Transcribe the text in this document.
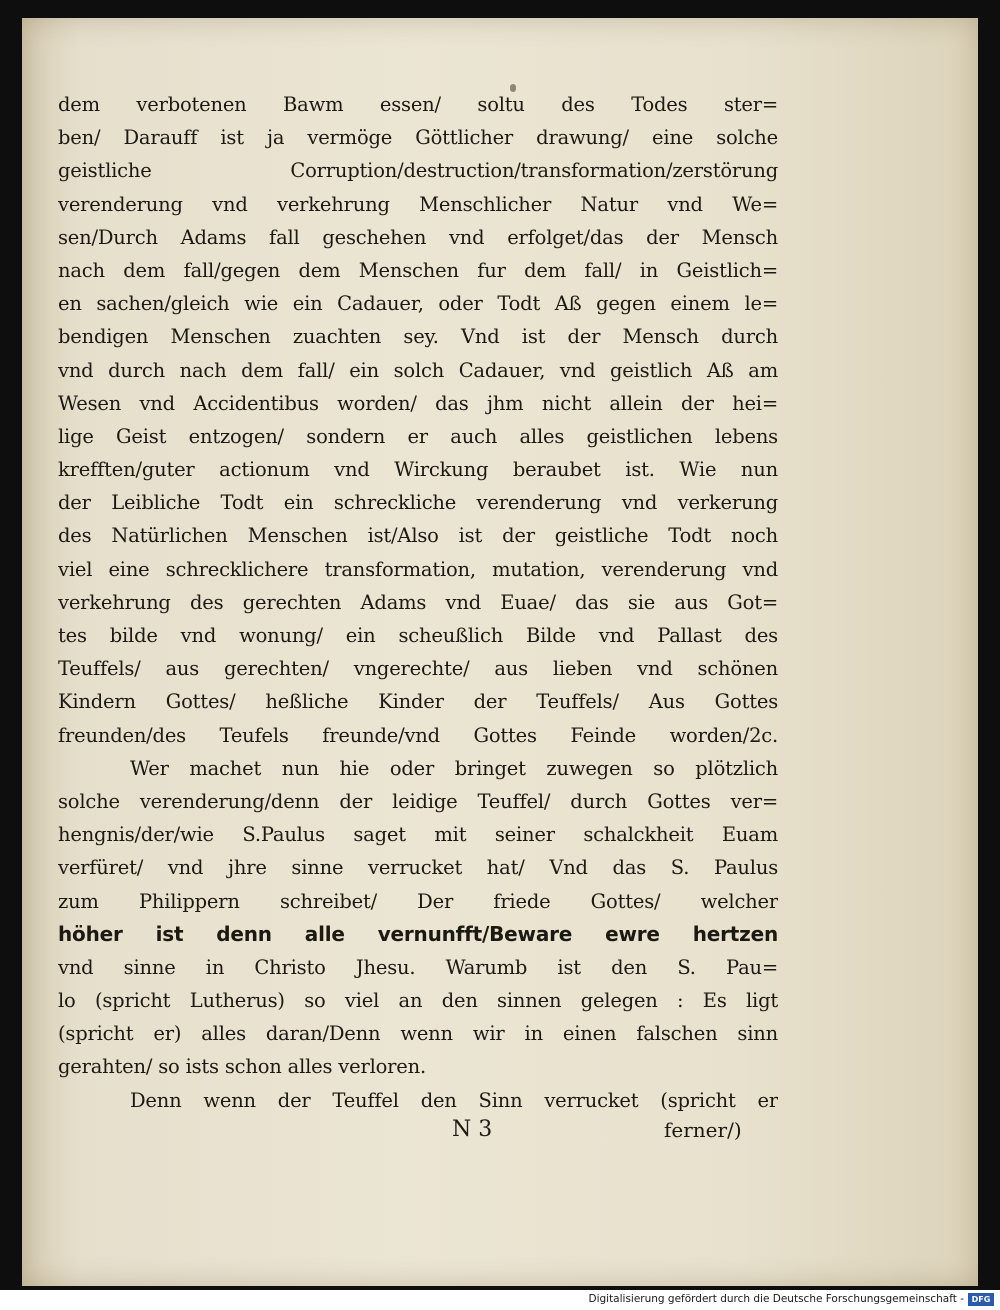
dem verbotenen Bawm essen/ soltu des Todes ster=
ben/ Darauff ist ja vermöge Göttlicher drawung/ eine solche
geistliche Corruption/destruction/transformation/zerstörung
verenderung vnd verkehrung Menschlicher Natur vnd We=
sen/Durch Adams fall geschehen vnd erfolget/das der Mensch
nach dem fall/gegen dem Menschen fur dem fall/ in Geistlich=
en sachen/gleich wie ein Cadauer, oder Todt Aß gegen einem le=
bendigen Menschen zuachten sey. Vnd ist der Mensch durch
vnd durch nach dem fall/ ein solch Cadauer, vnd geistlich Aß am
Wesen vnd Accidentibus worden/ das jhm nicht allein der hei=
lige Geist entzogen/ sondern er auch alles geistlichen lebens
krefften/guter actionum vnd Wirckung beraubet ist. Wie nun
der Leibliche Todt ein schreckliche verenderung vnd verkerung
des Natürlichen Menschen ist/Also ist der geistliche Todt noch
viel eine schrecklichere transformation, mutation, verenderung vnd
verkehrung des gerechten Adams vnd Euae/ das sie aus Got=
tes bilde vnd wonung/ ein scheußlich Bilde vnd Pallast des
Teuffels/ aus gerechten/ vngerechte/ aus lieben vnd schönen
Kindern Gottes/ heßliche Kinder der Teuffels/ Aus Gottes
freunden/des Teufels freunde/vnd Gottes Feinde worden/2c.
Wer machet nun hie oder bringet zuwegen so plötzlich
solche verenderung/denn der leidige Teuffel/ durch Gottes ver=
hengnis/der/wie S.Paulus saget mit seiner schalckheit Euam
verfüret/ vnd jhre sinne verrucket hat/ Vnd das S. Paulus
zum Philippern schreibet/ Der friede Gottes/ welcher
höher ist denn alle vernunfft/Beware ewre hertzen
vnd sinne in Christo Jhesu. Warumb ist den S. Pau=
lo (spricht Lutherus) so viel an den sinnen gelegen : Es ligt
(spricht er) alles daran/Denn wenn wir in einen falschen sinn
gerahten/ so ists schon alles verloren.
Denn wenn der Teuffel den Sinn verrucket (spricht er
N 3	ferner/)
Digitalisierung gefördert durch die Deutsche Forschungsgemeinschaft - DFG
